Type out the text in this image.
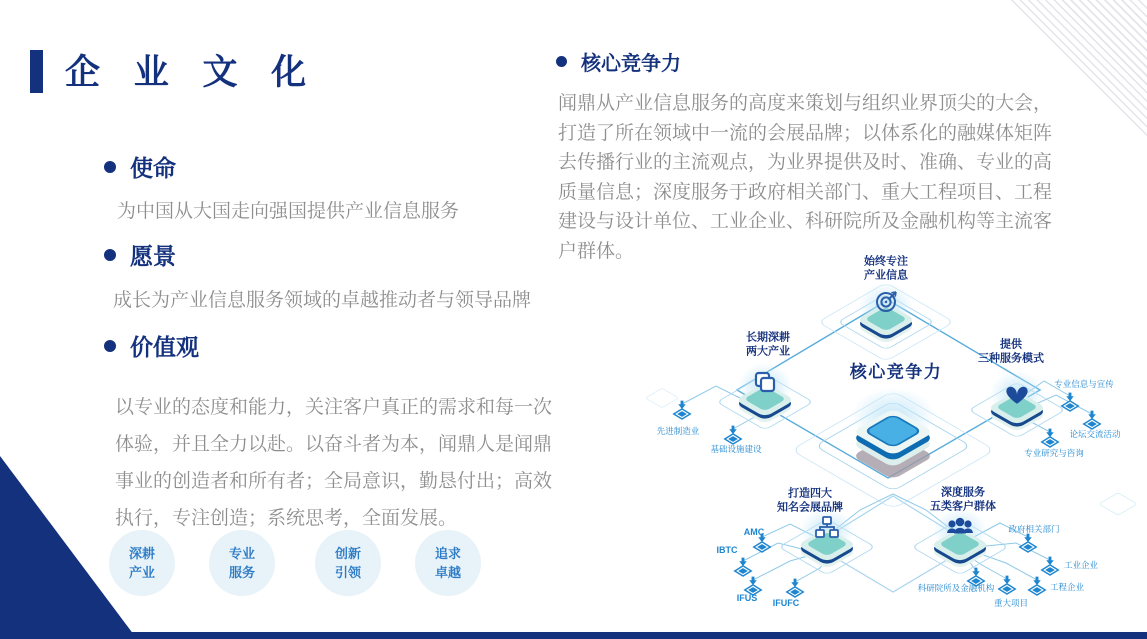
企 业 文 化
使命
为中国从大国走向强国提供产业信息服务
愿景
成长为产业信息服务领域的卓越推动者与领导品牌
价值观
以专业的态度和能力，关注客户真正的需求和每一次体验，并且全力以赴。以奋斗者为本，闻鼎人是闻鼎事业的创造者和所有者；全局意识，勤恳付出；高效执行，专注创造；系统思考，全面发展。
深耕
产业
专业
服务
创新
引领
追求
卓越
核心竞争力
闻鼎从产业信息服务的高度来策划与组织业界顶尖的大会，打造了所在领域中一流的会展品牌；以体系化的融媒体矩阵去传播行业的主流观点，为业界提供及时、准确、专业的高质量信息；深度服务于政府相关部门、重大工程项目、工程建设与设计单位、工业企业、科研院所及金融机构等主流客户群体。
核心竞争力
始终专注
产业信息
长期深耕
两大产业
提供
三种服务模式
打造四大
知名会展品牌
深度服务
五类客户群体
先进制造业
基础设施建设
专业信息与宣传
论坛交流活动
专业研究与咨询
AMC
IBTC
IFUS IFUFC
政府相关部门
工业企业
工程企业
重大项目
科研院所及金融机构
